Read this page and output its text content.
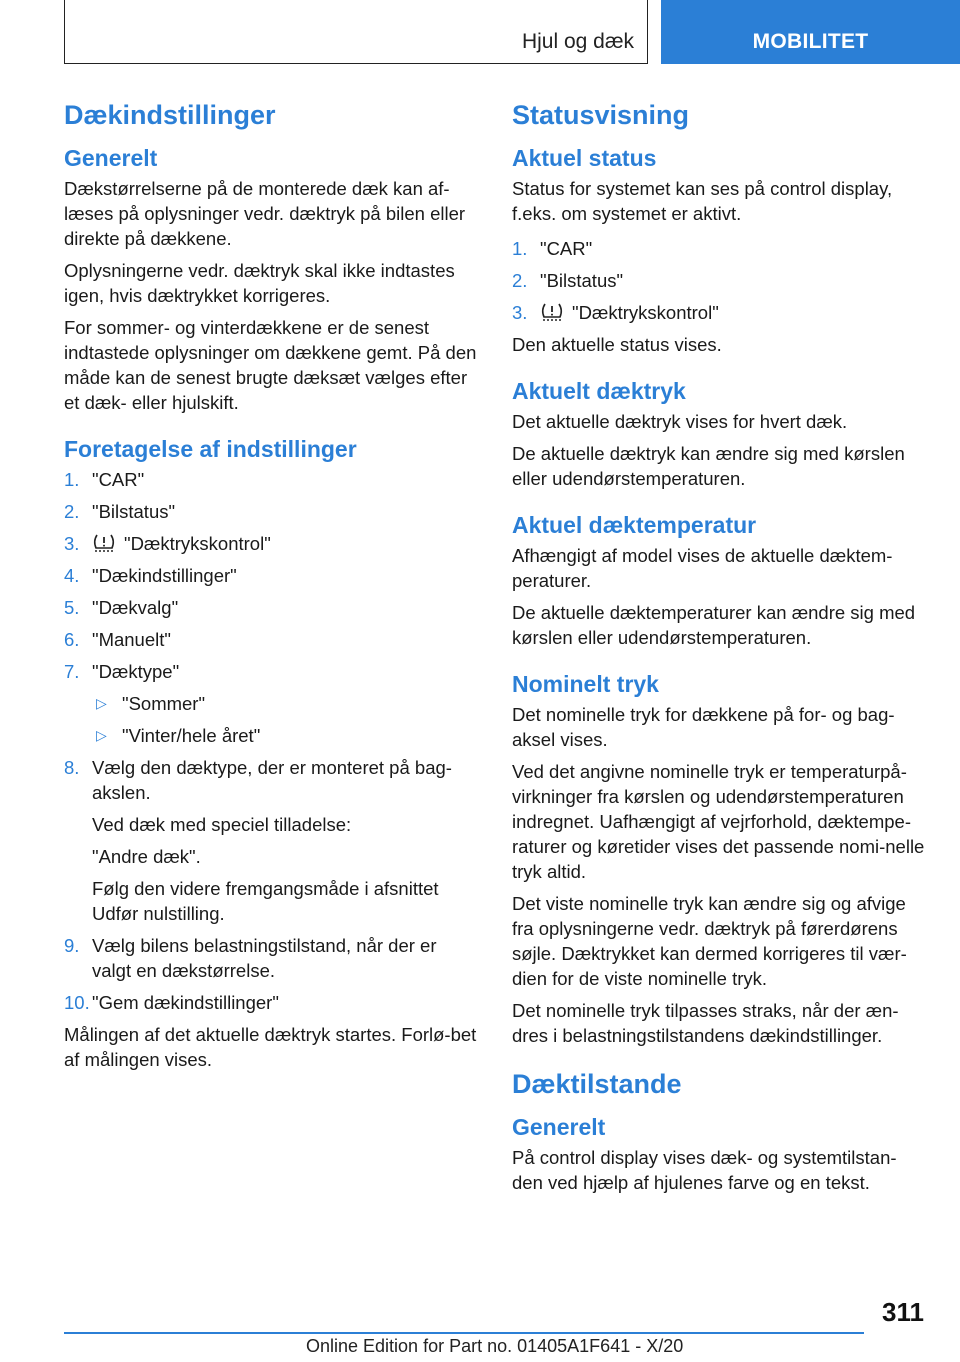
Hjul og dæk	MOBILITET
Dækindstillinger
Generelt

Dækstørrelserne på de monterede dæk kan af-læses på oplysninger vedr. dæktryk på bilen eller direkte på dækkene.

Oplysningerne vedr. dæktryk skal ikke indtastes igen, hvis dæktrykket korrigeres.

For sommer- og vinterdækkene er de senest indtastede oplysninger om dækkene gemt. På den måde kan de senest brugte dæksæt vælges efter et dæk- eller hjulskift.

Foretagelse af indstillinger
1. "CAR"
2. "Bilstatus"
3. "Dæktrykskontrol"
4. "Dækindstillinger"
5. "Dækvalg"
6. "Manuelt"
7. "Dæktype"
▷ "Sommer"
▷ "Vinter/hele året"
8. Vælg den dæktype, der er monteret på bag-akslen.
Ved dæk med speciel tilladelse:
"Andre dæk".
Følg den videre fremgangsmåde i afsnittet Udfør nulstilling.
9. Vælg bilens belastningstilstand, når der er valgt en dækstørrelse.
10. "Gem dækindstillinger"

Målingen af det aktuelle dæktryk startes. Forlø-bet af målingen vises.

Statusvisning
Aktuel status

Status for systemet kan ses på control display, f.eks. om systemet er aktivt.

1. "CAR"
2. "Bilstatus"
3. "Dæktrykskontrol"

Den aktuelle status vises.

Aktuelt dæktryk

Det aktuelle dæktryk vises for hvert dæk.

De aktuelle dæktryk kan ændre sig med kørslen eller udendørstemperaturen.

Aktuel dæktemperatur

Afhængigt af model vises de aktuelle dæktem-peraturer.

De aktuelle dæktemperaturer kan ændre sig med kørslen eller udendørstemperaturen.

Nominelt tryk

Det nominelle tryk for dækkene på for- og bag-aksel vises.

Ved det angivne nominelle tryk er temperaturpå-virkninger fra kørslen og udendørstemperaturen indregnet. Uafhængigt af vejrforhold, dæktempe-raturer og køretider vises det passende nomi-nelle tryk altid.

Det viste nominelle tryk kan ændre sig og afvige fra oplysningerne vedr. dæktryk på førerdørens søjle. Dæktrykket kan dermed korrigeres til vær-dien for de viste nominelle tryk.

Det nominelle tryk tilpasses straks, når der æn-dres i belastningstilstandens dækindstillinger.

Dæktilstande
Generelt

På control display vises dæk- og systemtilstan-den ved hjælp af hjulenes farve og en tekst.

311
Online Edition for Part no. 01405A1F641 - X/20
